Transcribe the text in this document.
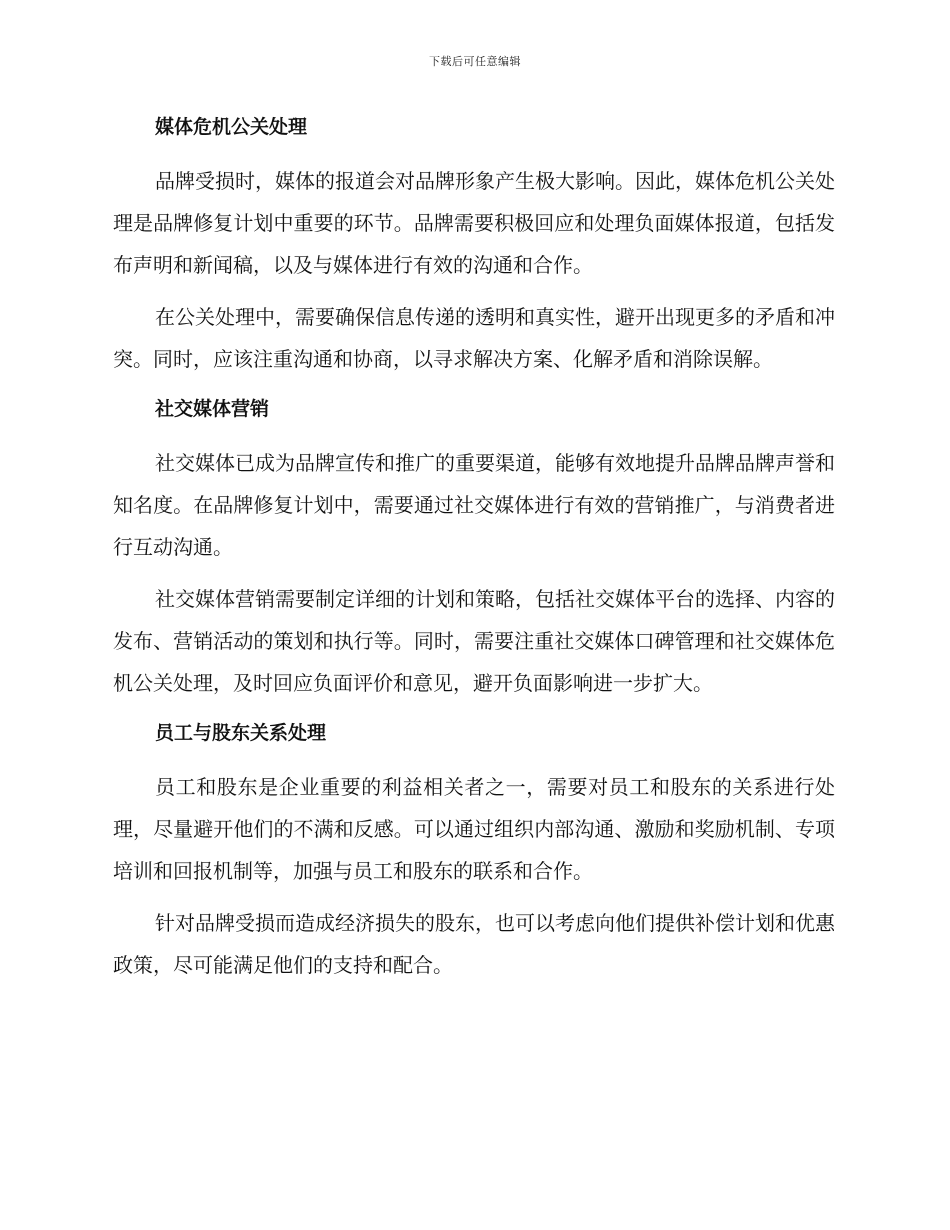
下载后可任意编辑
媒体危机公关处理

品牌受损时，媒体的报道会对品牌形象产生极大影响。因此，媒体危机公关处理是品牌修复计划中重要的环节。品牌需要积极回应和处理负面媒体报道，包括发布声明和新闻稿，以及与媒体进行有效的沟通和合作。

在公关处理中，需要确保信息传递的透明和真实性，避开出现更多的矛盾和冲突。同时，应该注重沟通和协商，以寻求解决方案、化解矛盾和消除误解。

社交媒体营销

社交媒体已成为品牌宣传和推广的重要渠道，能够有效地提升品牌品牌声誉和知名度。在品牌修复计划中，需要通过社交媒体进行有效的营销推广，与消费者进行互动沟通。

社交媒体营销需要制定详细的计划和策略，包括社交媒体平台的选择、内容的发布、营销活动的策划和执行等。同时，需要注重社交媒体口碑管理和社交媒体危机公关处理，及时回应负面评价和意见，避开负面影响进一步扩大。

员工与股东关系处理

员工和股东是企业重要的利益相关者之一，需要对员工和股东的关系进行处理，尽量避开他们的不满和反感。可以通过组织内部沟通、激励和奖励机制、专项培训和回报机制等，加强与员工和股东的联系和合作。

针对品牌受损而造成经济损失的股东，也可以考虑向他们提供补偿计划和优惠政策，尽可能满足他们的支持和配合。
